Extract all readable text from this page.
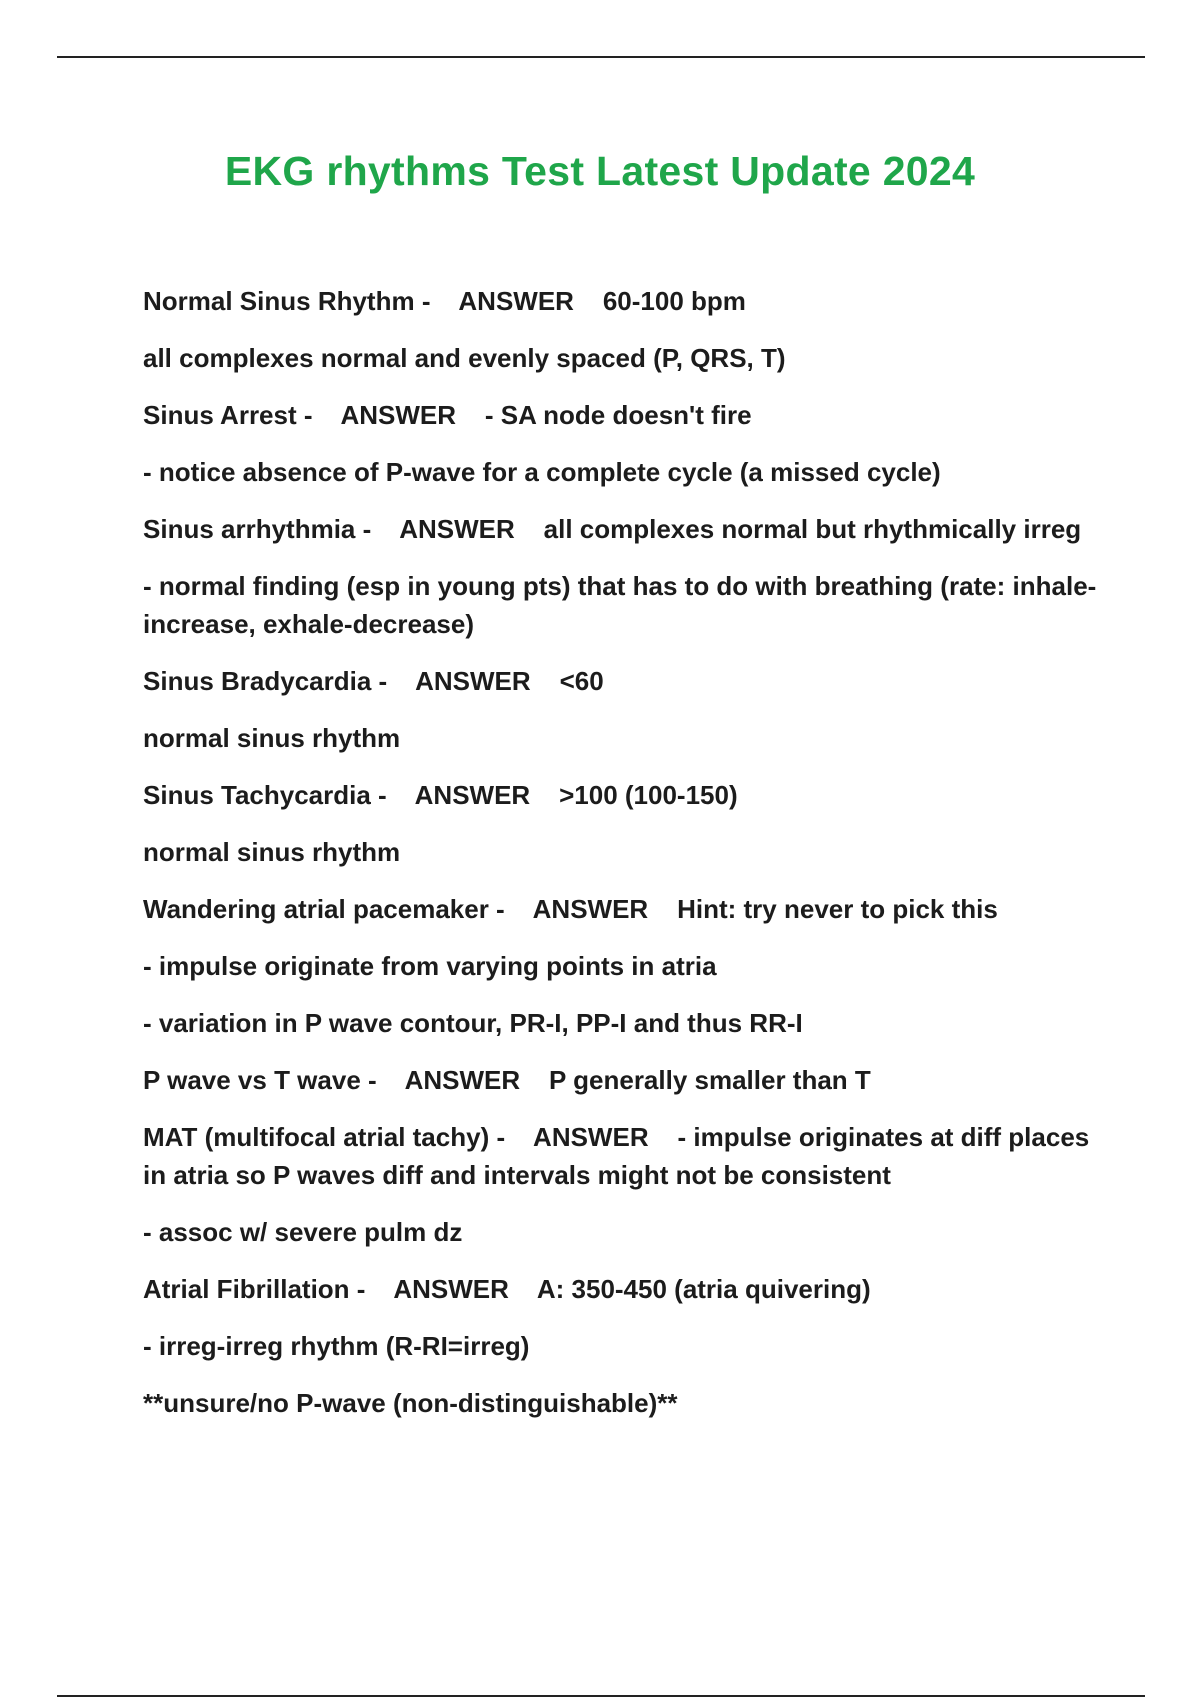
EKG rhythms Test Latest Update 2024
Normal Sinus Rhythm -    ANSWER    60-100 bpm
all complexes normal and evenly spaced (P, QRS, T)
Sinus Arrest -    ANSWER    - SA node doesn't fire
- notice absence of P-wave for a complete cycle (a missed cycle)
Sinus arrhythmia -    ANSWER    all complexes normal but rhythmically irreg
- normal finding (esp in young pts) that has to do with breathing (rate: inhale-increase, exhale-decrease)
Sinus Bradycardia -    ANSWER    <60
normal sinus rhythm
Sinus Tachycardia -    ANSWER    >100 (100-150)
normal sinus rhythm
Wandering atrial pacemaker -    ANSWER    Hint: try never to pick this
- impulse originate from varying points in atria
- variation in P wave contour, PR-I, PP-I and thus RR-I
P wave vs T wave -    ANSWER    P generally smaller than T
MAT (multifocal atrial tachy) -    ANSWER    - impulse originates at diff places in atria so P waves diff and intervals might not be consistent
- assoc w/ severe pulm dz
Atrial Fibrillation -    ANSWER    A: 350-450 (atria quivering)
- irreg-irreg rhythm (R-RI=irreg)
**unsure/no P-wave (non-distinguishable)**
